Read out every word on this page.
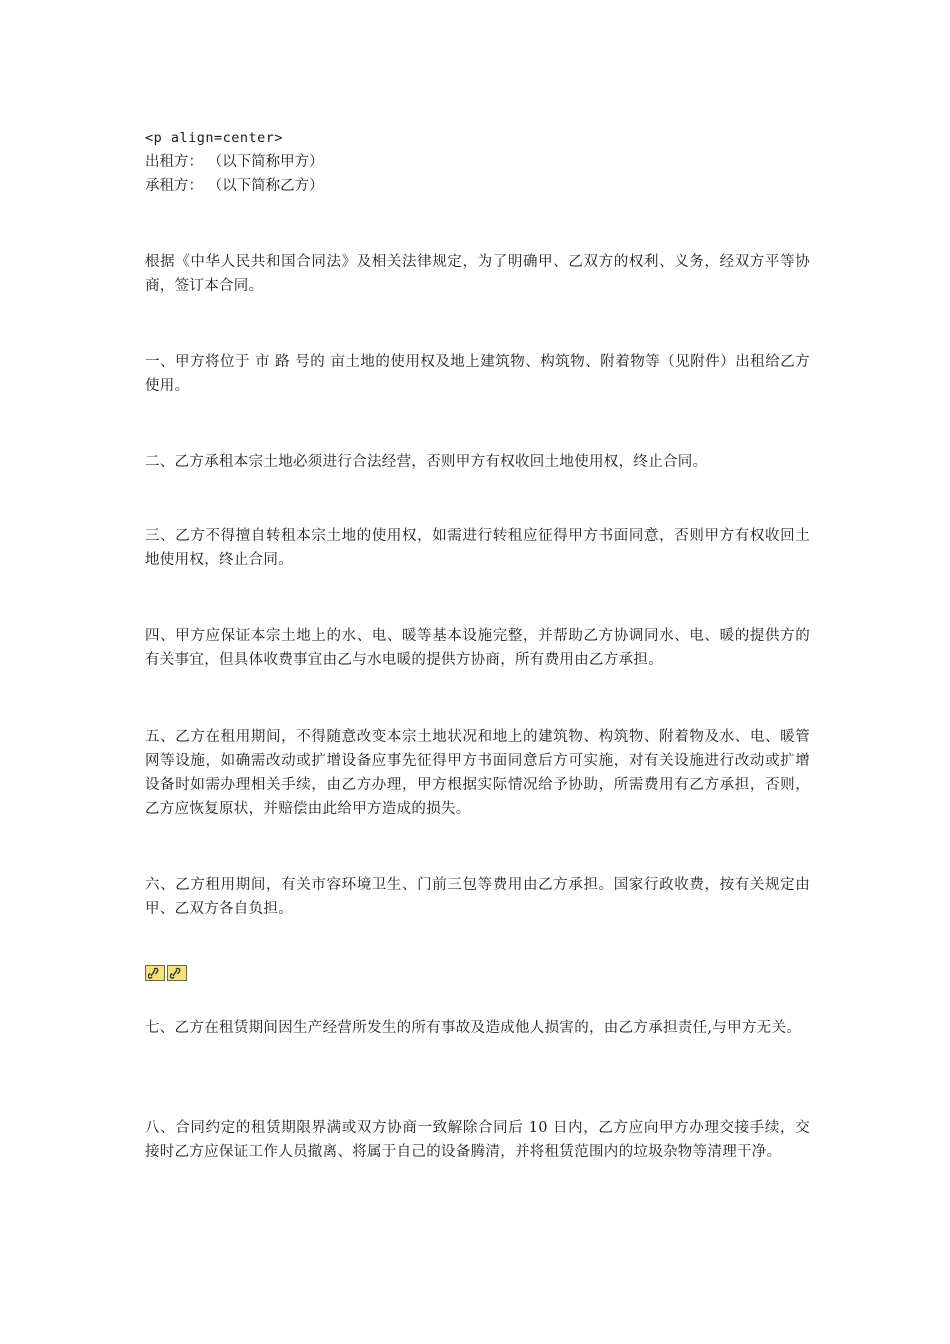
<p align=center>
出租方： （以下简称甲方）
承租方： （以下简称乙方）
根据《中华人民共和国合同法》及相关法律规定，为了明确甲、乙双方的权利、义务，经双方平等协商，签订本合同。
一、甲方将位于 市 路 号的 亩土地的使用权及地上建筑物、构筑物、附着物等（见附件）出租给乙方使用。
二、乙方承租本宗土地必须进行合法经营，否则甲方有权收回土地使用权，终止合同。
三、乙方不得擅自转租本宗土地的使用权，如需进行转租应征得甲方书面同意，否则甲方有权收回土地使用权，终止合同。
四、甲方应保证本宗土地上的水、电、暖等基本设施完整，并帮助乙方协调同水、电、暖的提供方的有关事宜，但具体收费事宜由乙与水电暖的提供方协商，所有费用由乙方承担。
五、乙方在租用期间，不得随意改变本宗土地状况和地上的建筑物、构筑物、附着物及水、电、暖管网等设施，如确需改动或扩增设备应事先征得甲方书面同意后方可实施，对有关设施进行改动或扩增设备时如需办理相关手续，由乙方办理，甲方根据实际情况给予协助，所需费用有乙方承担，否则，乙方应恢复原状，并赔偿由此给甲方造成的损失。
六、乙方租用期间，有关市容环境卫生、门前三包等费用由乙方承担。国家行政收费，按有关规定由甲、乙双方各自负担。
七、乙方在租赁期间因生产经营所发生的所有事故及造成他人损害的，由乙方承担责任,与甲方无关。
八、合同约定的租赁期限界满或双方协商一致解除合同后 10 日内，乙方应向甲方办理交接手续，交接时乙方应保证工作人员撤离、将属于自己的设备腾清，并将租赁范围内的垃圾杂物等清理干净。
